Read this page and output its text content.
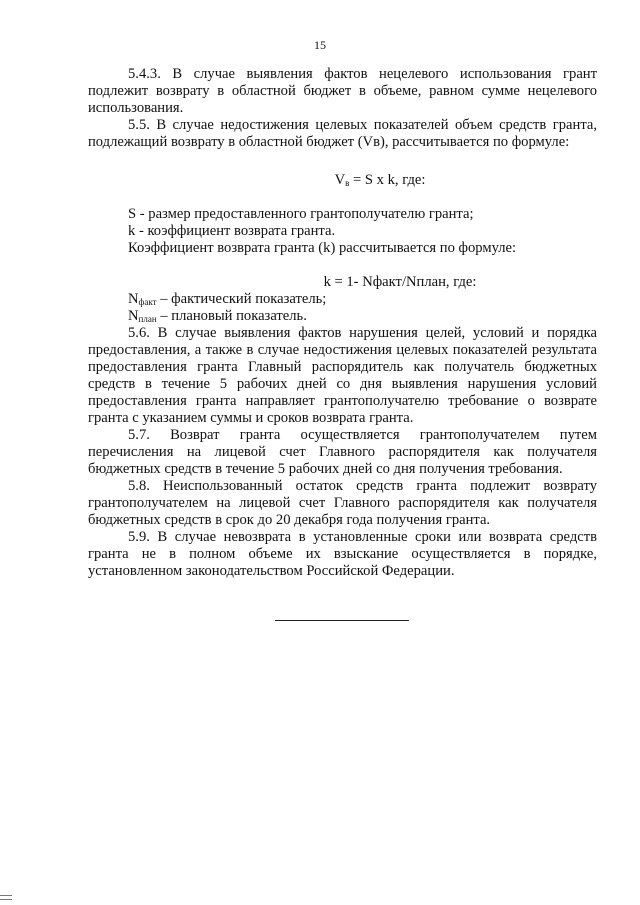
15

5.4.3. В случае выявления фактов нецелевого использования грант подлежит возврату в областной бюджет в объеме, равном сумме нецелевого использования.

5.5. В случае недостижения целевых показателей объем средств гранта, подлежащий возврату в областной бюджет (Vв), рассчитывается по формуле:

$V_в = S$ x k, где:

S - размер предоставленного грантополучателю гранта;

k - коэффициент возврата гранта.

Коэффициент возврата гранта (k) рассчитывается по формуле:

k = 1- Nфакт/Nплан, где:

$N_{факт}$ – фактический показатель;

$N_{план}$ – плановый показатель.

5.6. В случае выявления фактов нарушения целей, условий и порядка предоставления, а также в случае недостижения целевых показателей результата предоставления гранта Главный распорядитель как получатель бюджетных средств в течение 5 рабочих дней со дня выявления нарушения условий предоставления гранта направляет грантополучателю требование о возврате гранта с указанием суммы и сроков возврата гранта.

5.7. Возврат гранта осуществляется грантополучателем путем перечисления на лицевой счет Главного распорядителя как получателя бюджетных средств в течение 5 рабочих дней со дня получения требования.

5.8. Неиспользованный остаток средств гранта подлежит возврату грантополучателем на лицевой счет Главного распорядителя как получателя бюджетных средств в срок до 20 декабря года получения гранта.

5.9. В случае невозврата в установленные сроки или возврата средств гранта не в полном объеме их взыскание осуществляется в порядке, установленном законодательством Российской Федерации.
